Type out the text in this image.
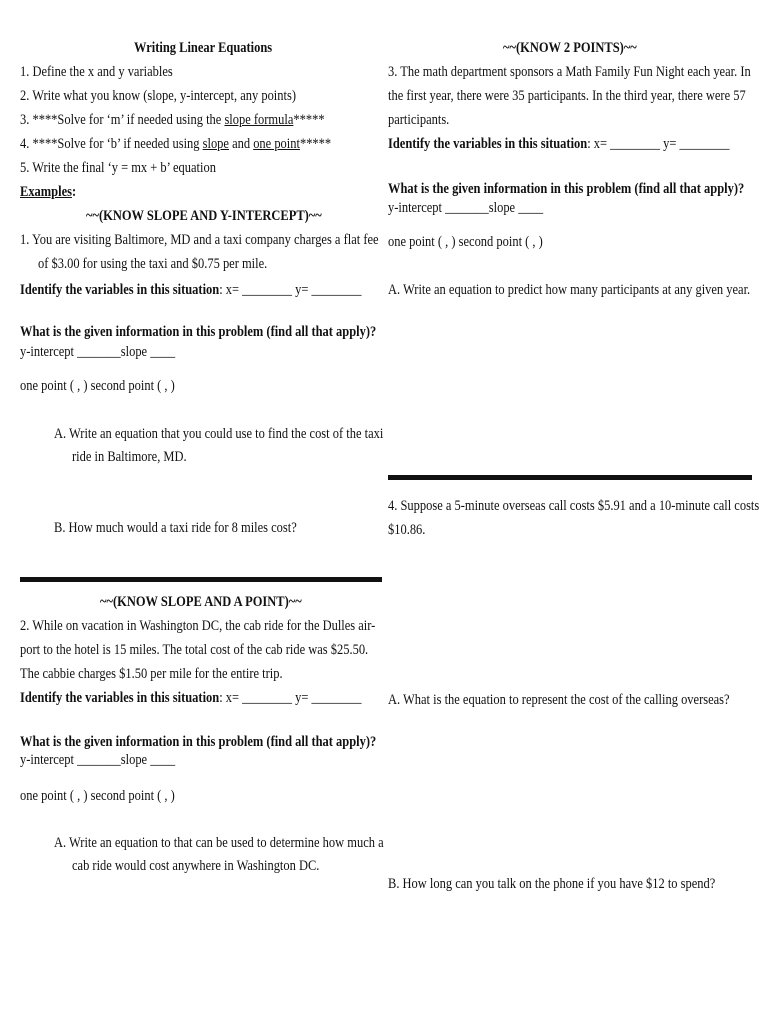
Writing Linear Equations
1. Define the x and y variables
2. Write what you know (slope, y-intercept, any points)
3. ****Solve for ‘m’ if needed using the slope formula*****
4. ****Solve for ‘b’ if needed using slope and one point*****
5. Write the final ‘y = mx + b’ equation
Examples:
~~(KNOW SLOPE AND Y-INTERCEPT)~~
1. You are visiting Baltimore, MD and a taxi company charges a flat fee
of $3.00 for using the taxi and $0.75 per mile.
Identify the variables in this situation: x= ________ y= ________
What is the given information in this problem (find all that apply)?
y-intercept _______slope ____
one point ( , ) second point ( , )
A. Write an equation that you could use to find the cost of the taxi
ride in Baltimore, MD.
B. How much would a taxi ride for 8 miles cost?
~~(KNOW SLOPE AND A POINT)~~
2. While on vacation in Washington DC, the cab ride for the Dulles air-
port to the hotel is 15 miles. The total cost of the cab ride was $25.50.
The cabbie charges $1.50 per mile for the entire trip.
Identify the variables in this situation: x= ________ y= ________
What is the given information in this problem (find all that apply)?
y-intercept _______slope ____
one point ( , ) second point ( , )
A. Write an equation to that can be used to determine how much a
cab ride would cost anywhere in Washington DC.
~~(KNOW 2 POINTS)~~
3. The math department sponsors a Math Family Fun Night each year. In
the first year, there were 35 participants. In the third year, there were 57
participants.
Identify the variables in this situation: x= ________ y= ________
What is the given information in this problem (find all that apply)?
y-intercept _______slope ____
one point ( , ) second point ( , )
A. Write an equation to predict how many participants at any given year.
4. Suppose a 5-minute overseas call costs $5.91 and a 10-minute call costs
$10.86.
A. What is the equation to represent the cost of the calling overseas?
B. How long can you talk on the phone if you have $12 to spend?
